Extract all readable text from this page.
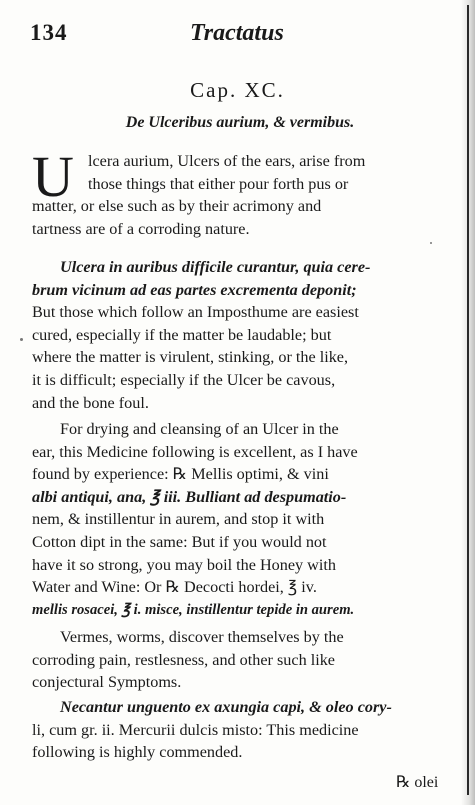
134	Tractatus
Cap. XC.
De Ulceribus aurium, & vermibus.
U lcera aurium, Ulcers of the ears, arise from
those things that either pour forth pus or
matter, or else such as by their acrimony and
tartness are of a corroding nature.
Ulcera in auribus difficile curantur, quia cere-
brum vicinum ad eas partes excrementa deponit;
But those which follow an Imposthume are easiest
cured, especially if the matter be laudable; but
where the matter is virulent, stinking, or the like,
it is difficult; especially if the Ulcer be cavous,
and the bone foul.
For drying and cleansing of an Ulcer in the
ear, this Medicine following is excellent, as I have
found by experience: ℞ Mellis optimi, & vini
albi antiqui, ana, ℥ iii. Bulliant ad despumatio-
nem, & instillentur in aurem, and stop it with
Cotton dipt in the same: But if you would not
have it so strong, you may boil the Honey with
Water and Wine: Or ℞ Decocti hordei, ℥ iv.
mellis rosacei, ℥ i. misce, instillentur tepide in aurem.
Vermes, worms, discover themselves by the
corroding pain, restlesness, and other such like
conjectural Symptoms.
Necantur unguento ex axungia capi, & oleo cory-
li, cum gr. ii. Mercurii dulcis misto: This medicine
following is highly commended.
℞ olei
